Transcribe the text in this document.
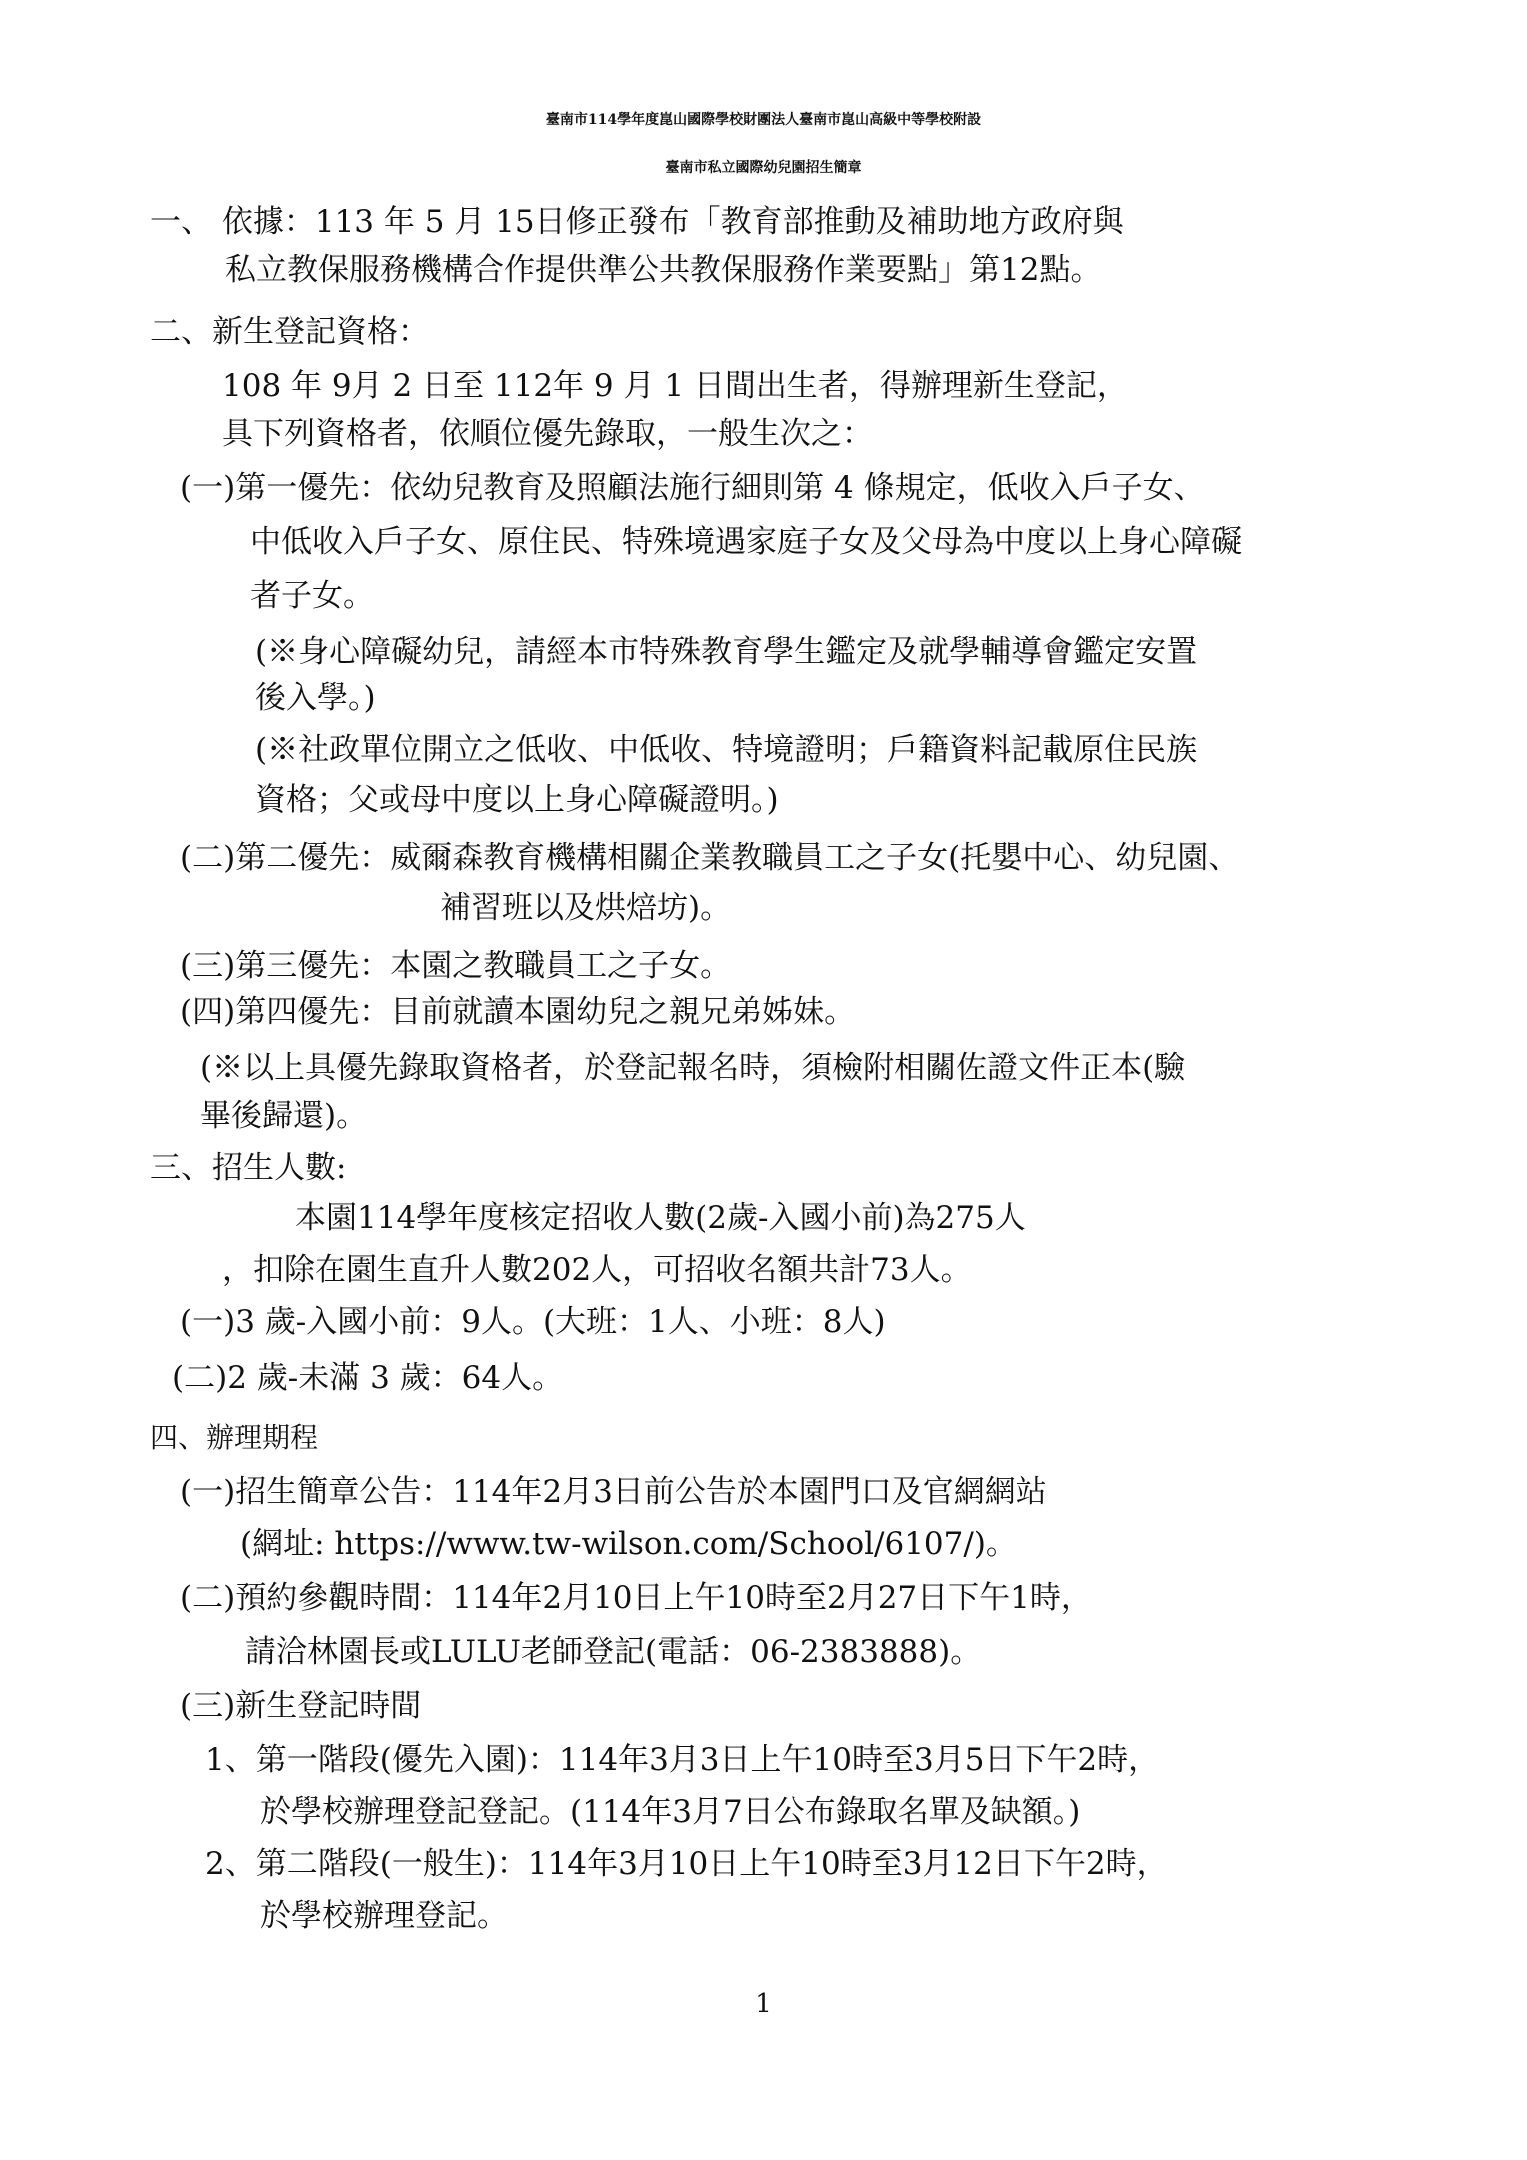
臺南市114學年度崑山國際學校財團法人臺南市崑山高級中等學校附設
臺南市私立國際幼兒園招生簡章
一、 依據：113 年 5 月 15日修正發布「教育部推動及補助地方政府與
私立教保服務機構合作提供準公共教保服務作業要點」第12點。
二、新生登記資格：
108 年 9月 2 日至 112年 9 月 1 日間出生者，得辦理新生登記，
具下列資格者，依順位優先錄取，一般生次之：
(一)第一優先：依幼兒教育及照顧法施行細則第 4 條規定，低收入戶子女、
中低收入戶子女、原住民、特殊境遇家庭子女及父母為中度以上身心障礙
者子女。
(※身心障礙幼兒，請經本市特殊教育學生鑑定及就學輔導會鑑定安置
後入學。)
(※社政單位開立之低收、中低收、特境證明；戶籍資料記載原住民族
資格；父或母中度以上身心障礙證明。)
(二)第二優先：威爾森教育機構相關企業教職員工之子女(托嬰中心、幼兒園、
補習班以及烘焙坊)。
(三)第三優先：本園之教職員工之子女。
(四)第四優先：目前就讀本園幼兒之親兄弟姊妹。
(※以上具優先錄取資格者，於登記報名時，須檢附相關佐證文件正本(驗
畢後歸還)。
三、招生人數:
本園114學年度核定招收人數(2歲-入國小前)為275人
，扣除在園生直升人數202人，可招收名額共計73人。
(一)3 歲-入國小前：9人。(大班：1人、小班：8人)
(二)2 歲-未滿 3 歲：64人。
四、辦理期程
(一)招生簡章公告：114年2月3日前公告於本園門口及官網網站
(網址: https://www.tw-wilson.com/School/6107/)。
(二)預約參觀時間：114年2月10日上午10時至2月27日下午1時，
請洽林園長或LULU老師登記(電話：06-2383888)。
(三)新生登記時間
1、第一階段(優先入園)：114年3月3日上午10時至3月5日下午2時，
於學校辦理登記登記。(114年3月7日公布錄取名單及缺額。)
2、第二階段(一般生)：114年3月10日上午10時至3月12日下午2時，
於學校辦理登記。
1
